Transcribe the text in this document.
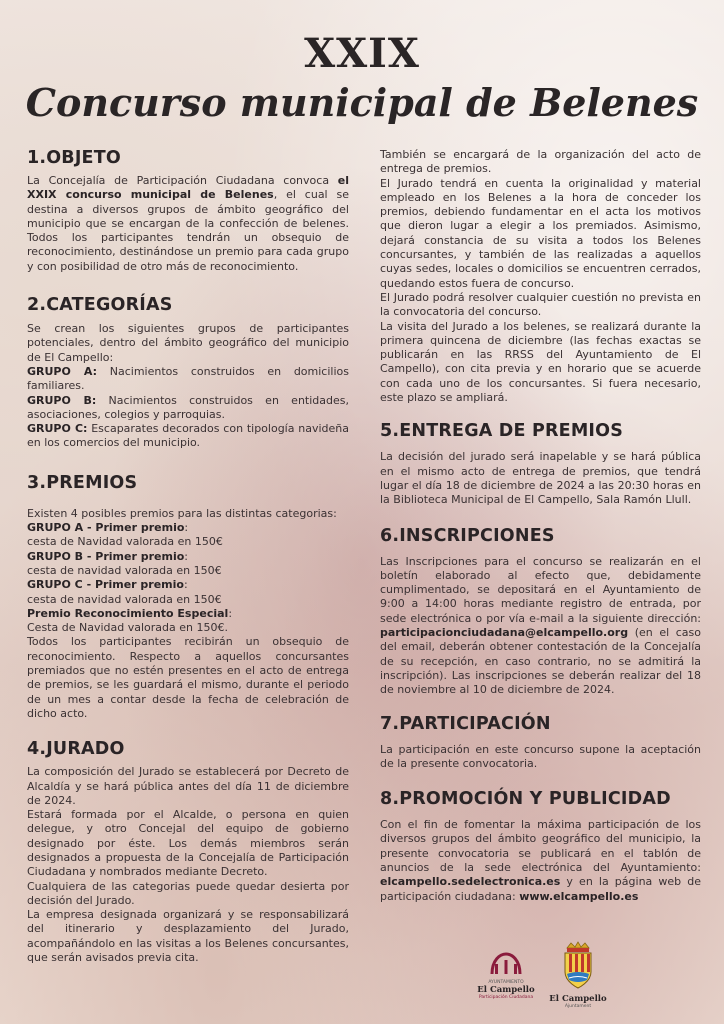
XXIX
Concurso municipal de Belenes
1.OBJETO

La Concejalía de Participación Ciudadana convoca el XXIX concurso municipal de Belenes, el cual se destina a diversos grupos de ámbito geográfico del municipio que se encargan de la confección de belenes. Todos los participantes tendrán un obsequio de reconocimiento, destinándose un premio para cada grupo y con posibilidad de otro más de reconocimiento.

2.CATEGORÍAS

Se crean los siguientes grupos de participantes potenciales, dentro del ámbito geográfico del municipio de El Campello:

GRUPO A: Nacimientos construidos en domicilios familiares.

GRUPO B: Nacimientos construidos en entidades, asociaciones, colegios y parroquias.

GRUPO C: Escaparates decorados con tipología navideña en los comercios del municipio.

3.PREMIOS

Existen 4 posibles premios para las distintas categorias:

GRUPO A - Primer premio:

cesta de Navidad valorada en 150€

GRUPO B - Primer premio:

cesta de navidad valorada en 150€

GRUPO C - Primer premio:

cesta de navidad valorada en 150€

Premio Reconocimiento Especial:

Cesta de Navidad valorada en 150€.

Todos los participantes recibirán un obsequio de reconocimiento. Respecto a aquellos concursantes premiados que no estén presentes en el acto de entrega de premios, se les guardará el mismo, durante el periodo de un mes a contar desde la fecha de celebración de dicho acto.

4.JURADO

La composición del Jurado se establecerá por Decreto de Alcaldía y se hará pública antes del día 11 de diciembre de 2024.

Estará formada por el Alcalde, o persona en quien delegue, y otro Concejal del equipo de gobierno designado por éste. Los demás miembros serán designados a propuesta de la Concejalía de Participación Ciudadana y nombrados mediante Decreto.

Cualquiera de las categorias puede quedar desierta por decisión del Jurado.

La empresa designada organizará y se responsabilizará del itinerario y desplazamiento del Jurado, acompañándolo en las visitas a los Belenes concursantes, que serán avisados previa cita.

También se encargará de la organización del acto de entrega de premios.

El Jurado tendrá en cuenta la originalidad y material empleado en los Belenes a la hora de conceder los premios, debiendo fundamentar en el acta los motivos que dieron lugar a elegir a los premiados. Asimismo, dejará constancia de su visita a todos los Belenes concursantes, y también de las realizadas a aquellos cuyas sedes, locales o domicilios se encuentren cerrados, quedando estos fuera de concurso.

El Jurado podrá resolver cualquier cuestión no prevista en la convocatoria del concurso.

La visita del Jurado a los belenes, se realizará durante la primera quincena de diciembre (las fechas exactas se publicarán en las RRSS del Ayuntamiento de El Campello), con cita previa y en horario que se acuerde con cada uno de los concursantes. Si fuera necesario, este plazo se ampliará.

5.ENTREGA DE PREMIOS

La decisión del jurado será inapelable y se hará pública en el mismo acto de entrega de premios, que tendrá lugar el día 18 de diciembre de 2024 a las 20:30 horas en la Biblioteca Municipal de El Campello, Sala Ramón Llull.

6.INSCRIPCIONES

Las Inscripciones para el concurso se realizarán en el boletín elaborado al efecto que, debidamente cumplimentado, se depositará en el Ayuntamiento de 9:00 a 14:00 horas mediante registro de entrada, por sede electrónica o por vía e-mail a la siguiente dirección: participacionciudadana@elcampello.org (en el caso del email, deberán obtener contestación de la Concejalía de su recepción, en caso contrario, no se admitirá la inscripción). Las inscripciones se deberán realizar del 18 de noviembre al 10 de diciembre de 2024.

7.PARTICIPACIÓN

La participación en este concurso supone la aceptación de la presente convocatoria.

8.PROMOCIÓN Y PUBLICIDAD

Con el fin de fomentar la máxima participación de los diversos grupos del ámbito geográfico del municipio, la presente convocatoria se publicará en el tablón de anuncios de la sede electrónica del Ayuntamiento: elcampello.sedelectronica.es y en la página web de participación ciudadana: www.elcampello.es

AYUNTAMIENTO
El Campello
Participación Ciudadana	El Campello
Ajuntament
